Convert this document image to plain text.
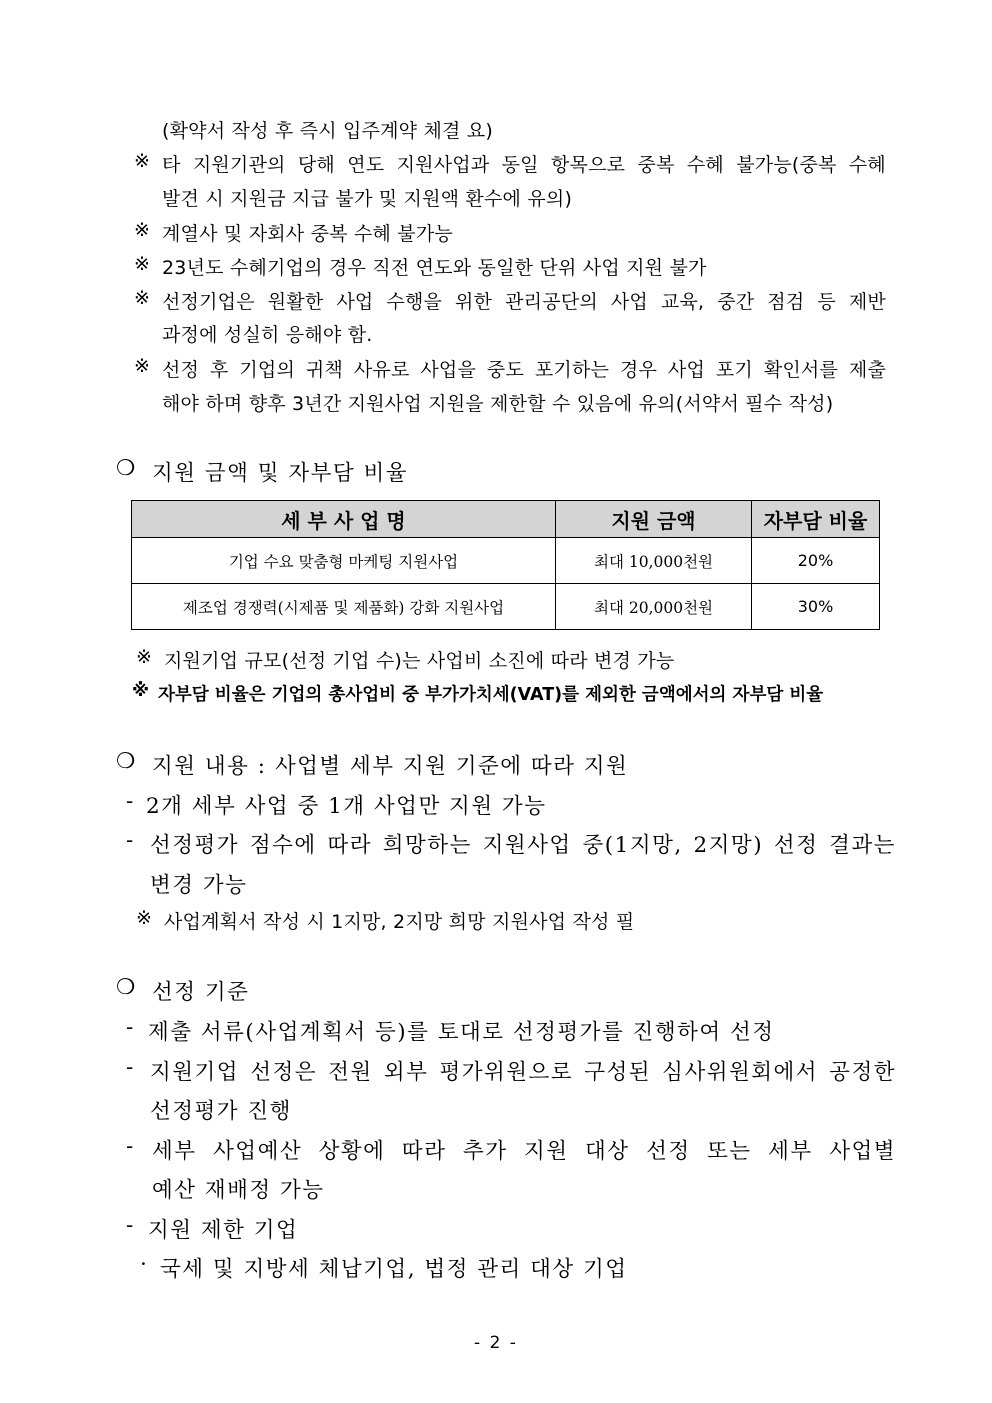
(확약서 작성 후 즉시 입주계약 체결 요)
※ 타 지원기관의 당해 연도 지원사업과 동일 항목으로 중복 수혜 불가능(중복 수혜
발견 시 지원금 지급 불가 및 지원액 환수에 유의)
※ 계열사 및 자회사 중복 수혜 불가능
※ 23년도 수혜기업의 경우 직전 연도와 동일한 단위 사업 지원 불가
※ 선정기업은 원활한 사업 수행을 위한 관리공단의 사업 교육, 중간 점검 등 제반
과정에 성실히 응해야 함.
※ 선정 후 기업의 귀책 사유로 사업을 중도 포기하는 경우 사업 포기 확인서를 제출
해야 하며 향후 3년간 지원사업 지원을 제한할 수 있음에 유의(서약서 필수 작성)
❍ 지원 금액 및 자부담 비율
세 부 사 업 명	지원 금액	자부담 비율
기업 수요 맞춤형 마케팅 지원사업	최대 10,000천원	20%
제조업 경쟁력(시제품 및 제품화) 강화 지원사업	최대 20,000천원	30%
※ 지원기업 규모(선정 기업 수)는 사업비 소진에 따라 변경 가능
※ 자부담 비율은 기업의 총사업비 중 부가가치세(VAT)를 제외한 금액에서의 자부담 비율
❍ 지원 내용 : 사업별 세부 지원 기준에 따라 지원
- 2개 세부 사업 중 1개 사업만 지원 가능
- 선정평가 점수에 따라 희망하는 지원사업 중(1지망, 2지망) 선정 결과는
변경 가능
※ 사업계획서 작성 시 1지망, 2지망 희망 지원사업 작성 필
❍ 선정 기준
- 제출 서류(사업계획서 등)를 토대로 선정평가를 진행하여 선정
- 지원기업 선정은 전원 외부 평가위원으로 구성된 심사위원회에서 공정한
선정평가 진행
- 세부 사업예산 상황에 따라 추가 지원 대상 선정 또는 세부 사업별
예산 재배정 가능
- 지원 제한 기업
· 국세 및 지방세 체납기업, 법정 관리 대상 기업
- 2 -
